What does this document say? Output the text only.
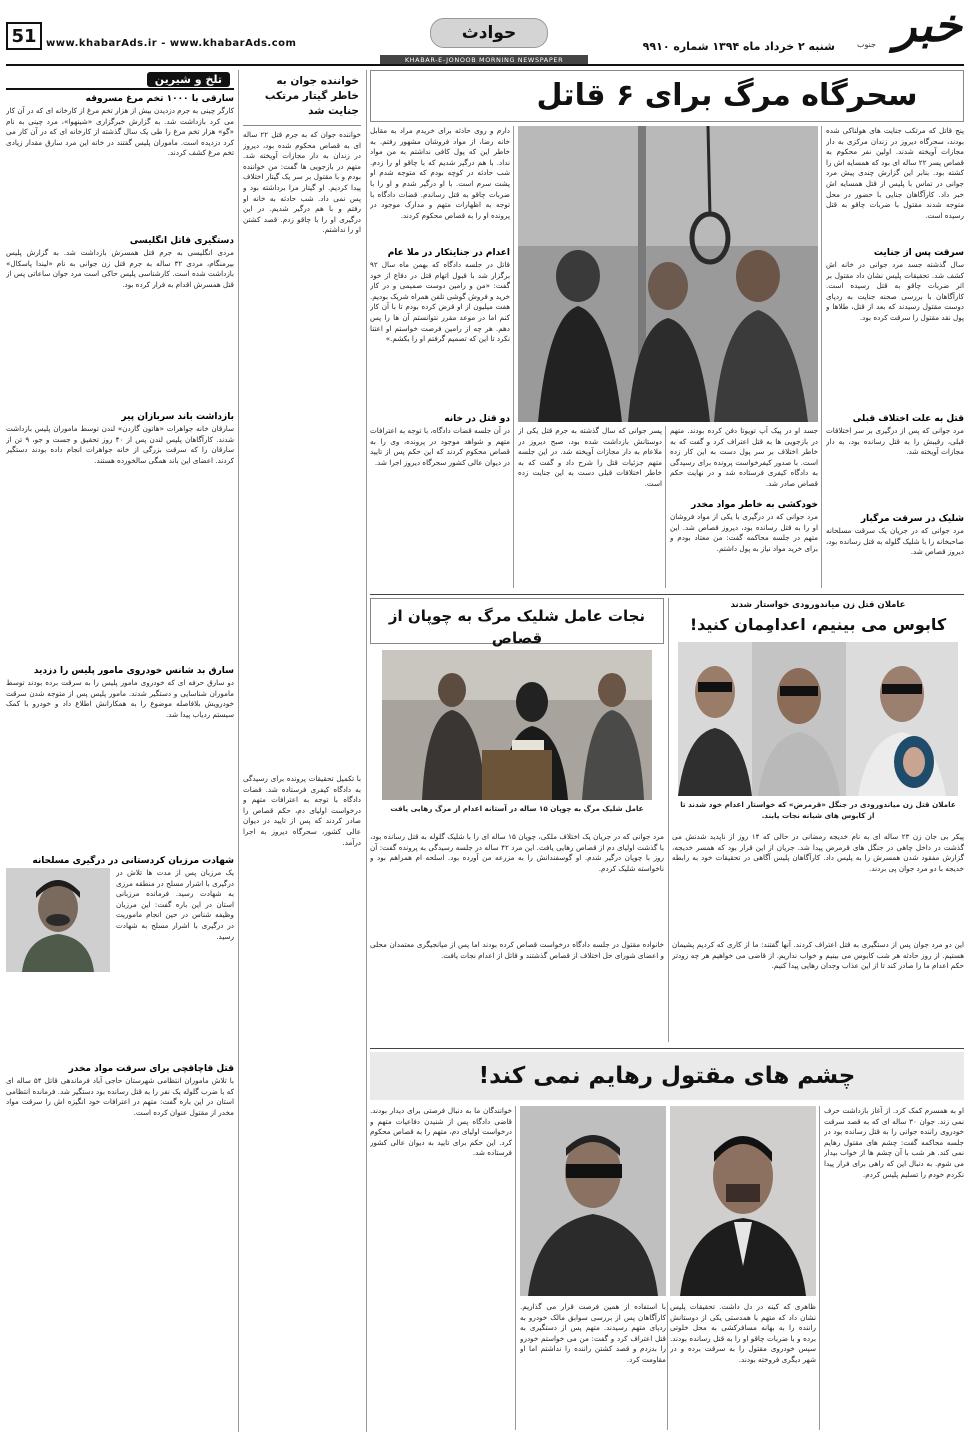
خبر
جنوب
شنبه ۲ خرداد ماه ۱۳۹۴ شماره ۹۹۱۰
حوادث
www.khabarAds.ir - www.khabarAds.com
51
KHABAR-E-JONOOB MORNING NEWSPAPER
تلخ و شیرین
سارقی با ۱۰۰۰ تخم مرغ مسروقه
کارگر چینی به جرم دزدیدن بیش از هزار تخم مرغ از کارخانه ای که در آن کار می کرد بازداشت شد. به گزارش خبرگزاری «شینهوا»، مرد چینی به نام «گو» هزار تخم مرغ را طی یک سال گذشته از کارخانه ای که در آن کار می کرد دزدیده است. ماموران پلیس گفتند در خانه این مرد سارق مقدار زیادی تخم مرغ کشف کردند.
دستگیری قاتل انگلیسی
مردی انگلیسی به جرم قتل همسرش بازداشت شد. به گزارش پلیس بیرمنگام، مردی ۳۲ ساله به جرم قتل زن جوانی به نام «لیندا پاسکال» بازداشت شده است. کارشناسی پلیس حاکی است مرد جوان ساعاتی پس از قتل همسرش اقدام به فرار کرده بود.
بازداشت باند سربازان پیر
سارقان خانه جواهرات «هاتون گاردن» لندن توسط ماموران پلیس بازداشت شدند. کارآگاهان پلیس لندن پس از ۴۰ روز تحقیق و جست و جو، ۹ تن از سارقان را که سرقت بزرگی از خانه جواهرات انجام داده بودند دستگیر کردند. اعضای این باند همگی سالخورده هستند.
سارق بد شانس خودروی مامور پلیس را دزدید
دو سارق حرفه ای که خودروی مامور پلیس را به سرقت برده بودند توسط ماموران شناسایی و دستگیر شدند. مامور پلیس پس از متوجه شدن سرقت خودرویش بلافاصله موضوع را به همکارانش اطلاع داد و خودرو با کمک سیستم ردیاب پیدا شد.
شهادت مرزبان کردستانی در درگیری مسلحانه
یک مرزبان پس از مدت ها تلاش در درگیری با اشرار مسلح در منطقه مرزی به شهادت رسید. فرمانده مرزبانی استان در این باره گفت: این مرزبان وظیفه شناس در حین انجام ماموریت در درگیری با اشرار مسلح به شهادت رسید.
قتل قاچاقچی برای سرقت مواد مخدر
با تلاش ماموران انتظامی شهرستان حاجی آباد فرماندهی قاتل ۵۴ ساله ای که با ضرب گلوله یک نفر را به قتل رسانده بود دستگیر شد. فرمانده انتظامی استان در این باره گفت: متهم در اعترافات خود انگیزه اش را سرقت مواد مخدر از مقتول عنوان کرده است.
خواننده جوان به خاطر گیتار مرتکب جنایت شد
خواننده جوان که به جرم قتل ۲۲ ساله ای به قصاص محکوم شده بود، دیروز در زندان به دار مجازات آویخته شد. متهم در بازجویی ها گفت: من خواننده بودم و با مقتول بر سر یک گیتار اختلاف پیدا کردیم. او گیتار مرا برداشته بود و پس نمی داد. شب حادثه به خانه او رفتم و با هم درگیر شدیم. در این درگیری او را با چاقو زدم. قصد کشتن او را نداشتم.
با تکمیل تحقیقات پرونده برای رسیدگی به دادگاه کیفری فرستاده شد. قضات دادگاه با توجه به اعترافات متهم و درخواست اولیای دم، حکم قصاص را صادر کردند که پس از تایید در دیوان عالی کشور، سحرگاه دیروز به اجرا درآمد.
سحرگاه مرگ برای ۶ قاتل
پنج قاتل که مرتکب جنایت های هولناکی شده بودند، سحرگاه دیروز در زندان مرکزی به دار مجازات آویخته شدند. اولین نفر محکوم به قصاص پسر ۲۲ ساله ای بود که همسایه اش را کشته بود. بنابر این گزارش چندی پیش مرد جوانی در تماس با پلیس از قتل همسایه اش خبر داد. کارآگاهان جنایی با حضور در محل متوجه شدند مقتول با ضربات چاقو به قتل رسیده است.
سرقت پس از جنایت
سال گذشته جسد مرد جوانی در خانه اش کشف شد. تحقیقات پلیس نشان داد مقتول بر اثر ضربات چاقو به قتل رسیده است. کارآگاهان با بررسی صحنه جنایت به ردپای دوست مقتول رسیدند که بعد از قتل، طلاها و پول نقد مقتول را سرقت کرده بود.
قتل به علت اختلاف قبلی
مرد جوانی که پس از درگیری بر سر اختلافات قبلی، رقیبش را به قتل رسانده بود، به دار مجازات آویخته شد.
شلیک در سرقت مرگبار
مرد جوانی که در جریان یک سرقت مسلحانه صاحبخانه را با شلیک گلوله به قتل رسانده بود، دیروز قصاص شد.
جسد او در پیک آپ تویوتا دفن کرده بودند. متهم در بازجویی ها به قتل اعتراف کرد و گفت که به خاطر اختلاف بر سر پول دست به این کار زده است. با صدور کیفرخواست پرونده برای رسیدگی به دادگاه کیفری فرستاده شد و در نهایت حکم قصاص صادر شد.
خودکشی به خاطر مواد مخدر
مرد جوانی که در درگیری با یکی از مواد فروشان او را به قتل رسانده بود، دیروز قصاص شد. این متهم در جلسه محاکمه گفت: من معتاد بودم و برای خرید مواد نیاز به پول داشتم.
پسر جوانی که سال گذشته به جرم قتل یکی از دوستانش بازداشت شده بود، صبح دیروز در ملاعام به دار مجازات آویخته شد. در این جلسه متهم جزئیات قتل را شرح داد و گفت که به خاطر اختلافات قبلی دست به این جنایت زده است.
دارم و روی حادثه برای خریدم مراد به مقابل خانه رضا، از مواد فروشان مشهور رفتم. به خاطر این که پول کافی نداشتم به من مواد نداد. با هم درگیر شدیم که با چاقو او را زدم. شب حادثه در کوچه بودم که متوجه شدم او پشت سرم است. با او درگیر شدم و او را با ضربات چاقو به قتل رساندم. قضات دادگاه با توجه به اظهارات متهم و مدارک موجود در پرونده او را به قصاص محکوم کردند.
اعدام در جنایتکار در ملا عام
قاتل در جلسه دادگاه که بهمن ماه سال ۹۲ برگزار شد با قبول اتهام قتل در دفاع از خود گفت: «من و رامین دوست صمیمی و در کار خرید و فروش گوشی تلفن همراه شریک بودیم. هفت میلیون از او قرض کرده بودم تا با آن کار کنم اما در موعد مقرر نتوانستم آن ها را پس دهم. هر چه از رامین فرصت خواستم او اعتنا نکرد تا این که تصمیم گرفتم او را بکشم.»
دو قتل در خانه
در آن جلسه قضات دادگاه، با توجه به اعترافات متهم و شواهد موجود در پرونده، وی را به قصاص محکوم کردند که این حکم پس از تایید در دیوان عالی کشور سحرگاه دیروز اجرا شد.
نجات عامل شلیک مرگ به چوپان از قصاص
عامل شلیک مرگ به چوپان ۱۵ ساله در آستانه اعدام از مرگ رهایی یافت
عاملان قتل زن میاندورودی خواستار شدند
کابوس می بینیم، اعدامِمان کنید!
عاملان قتل زن میاندورودی در جنگل «قرمرض» که خواستار اعدام خود شدند تا از کابوس های شبانه نجات یابند.
مرد جوانی که در جریان یک اختلاف ملکی، چوپان ۱۵ ساله ای را با شلیک گلوله به قتل رسانده بود، با گذشت اولیای دم از قصاص رهایی یافت. این مرد ۴۲ ساله در جلسه رسیدگی به پرونده گفت: آن روز با چوپان درگیر شدم. او گوسفندانش را به مزرعه من آورده بود. اسلحه ام همراهم بود و ناخواسته شلیک کردم.
خانواده مقتول در جلسه دادگاه درخواست قصاص کرده بودند اما پس از میانجیگری معتمدان محلی و اعضای شورای حل اختلاف از قصاص گذشتند و قاتل از اعدام نجات یافت.
پیکر بی جان زن ۲۳ ساله ای به نام خدیجه رمضانی در حالی که ۱۴ روز از ناپدید شدنش می گذشت در داخل چاهی در جنگل های قرمرض پیدا شد. جریان از این قرار بود که همسر خدیجه، گزارش مفقود شدن همسرش را به پلیس داد. کارآگاهان پلیس آگاهی در تحقیقات خود به رابطه خدیجه با دو مرد جوان پی بردند.
این دو مرد جوان پس از دستگیری به قتل اعتراف کردند. آنها گفتند: ما از کاری که کردیم پشیمان هستیم. از روز حادثه هر شب کابوس می بینیم و خواب نداریم. از قاضی می خواهیم هر چه زودتر حکم اعدام ما را صادر کند تا از این عذاب وجدان رهایی پیدا کنیم.
چشم های مقتول رهایم نمی کند!
او به همسرم کمک کرد. از آغاز بازداشت حرف نمی زند. جوان ۳۰ ساله ای که به قصد سرقت خودروی راننده جوانی را به قتل رسانده بود در جلسه محاکمه گفت: چشم های مقتول رهایم نمی کند. هر شب با آن چشم ها از خواب بیدار می شوم. به دنبال این که راهی برای فرار پیدا نکردم خودم را تسلیم پلیس کردم.
ظاهری که کینه در دل داشت. تحقیقات پلیس نشان داد که متهم با همدستی یکی از دوستانش راننده را به بهانه مسافرکشی به محل خلوتی برده و با ضربات چاقو او را به قتل رسانده بودند. سپس خودروی مقتول را به سرقت برده و در شهر دیگری فروخته بودند.
با استفاده از همین فرصت قرار می گذاریم. کارآگاهان پس از بررسی سوابق مالک خودرو به ردپای متهم رسیدند. متهم پس از دستگیری به قتل اعتراف کرد و گفت: من می خواستم خودرو را بدزدم و قصد کشتن راننده را نداشتم اما او مقاومت کرد.
خوانندگان ما به دنبال فرصتی برای دیدار بودند. قاضی دادگاه پس از شنیدن دفاعیات متهم و درخواست اولیای دم، متهم را به قصاص محکوم کرد. این حکم برای تایید به دیوان عالی کشور فرستاده شد.
